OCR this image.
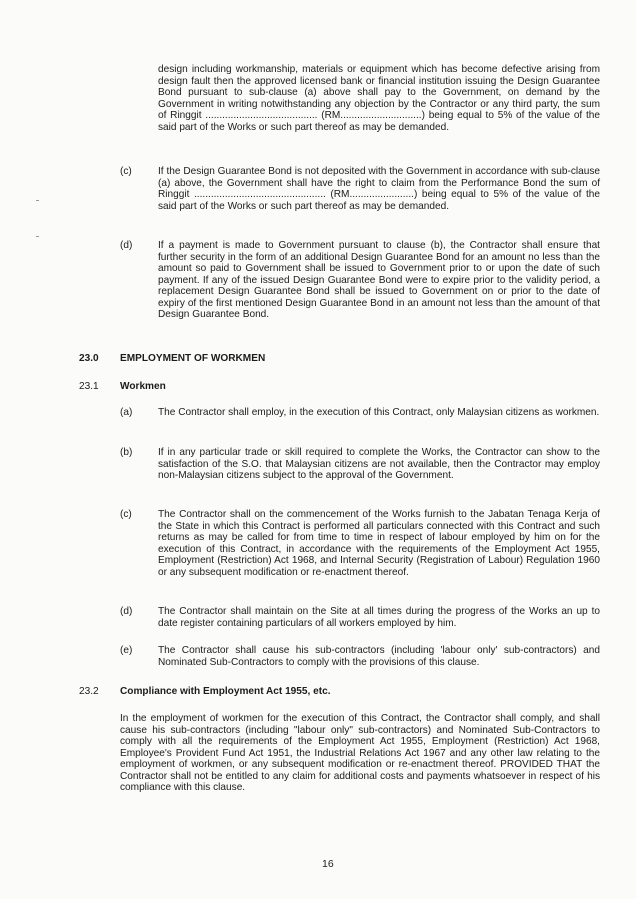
design including workmanship, materials or equipment which has become defective arising from design fault then the approved licensed bank or financial institution issuing the Design Guarantee Bond pursuant to sub-clause (a) above shall pay to the Government, on demand by the Government in writing notwithstanding any objection by the Contractor or any third party, the sum of Ringgit ........................................ (RM.............................) being equal to 5% of the value of the said part of the Works or such part thereof as may be demanded.

(c)	If the Design Guarantee Bond is not deposited with the Government in accordance with sub-clause (a) above, the Government shall have the right to claim from the Performance Bond the sum of Ringgit ............................................... (RM.......................) being equal to 5% of the value of the said part of the Works or such part thereof as may be demanded.

(d)	If a payment is made to Government pursuant to clause (b), the Contractor shall ensure that further security in the form of an additional Design Guarantee Bond for an amount no less than the amount so paid to Government shall be issued to Government prior to or upon the date of such payment. If any of the issued Design Guarantee Bond were to expire prior to the validity period, a replacement Design Guarantee Bond shall be issued to Government on or prior to the date of expiry of the first mentioned Design Guarantee Bond in an amount not less than the amount of that Design Guarantee Bond.

23.0 EMPLOYMENT OF WORKMEN
23.1 Workmen
(a)	The Contractor shall employ, in the execution of this Contract, only Malaysian citizens as workmen.

(b)	If in any particular trade or skill required to complete the Works, the Contractor can show to the satisfaction of the S.O. that Malaysian citizens are not available, then the Contractor may employ non-Malaysian citizens subject to the approval of the Government.

(c)	The Contractor shall on the commencement of the Works furnish to the Jabatan Tenaga Kerja of the State in which this Contract is performed all particulars connected with this Contract and such returns as may be called for from time to time in respect of labour employed by him on for the execution of this Contract, in accordance with the requirements of the Employment Act 1955, Employment (Restriction) Act 1968, and Internal Security (Registration of Labour) Regulation 1960 or any subsequent modification or re-enactment thereof.

(d)	The Contractor shall maintain on the Site at all times during the progress of the Works an up to date register containing particulars of all workers employed by him.

(e)	The Contractor shall cause his sub-contractors (including 'labour only' sub-contractors) and Nominated Sub-Contractors to comply with the provisions of this clause.

23.2 Compliance with Employment Act 1955, etc.

In the employment of workmen for the execution of this Contract, the Contractor shall comply, and shall cause his sub-contractors (including "labour only" sub-contractors) and Nominated Sub-Contractors to comply with all the requirements of the Employment Act 1955, Employment (Restriction) Act 1968, Employee's Provident Fund Act 1951, the Industrial Relations Act 1967 and any other law relating to the employment of workmen, or any subsequent modification or re-enactment thereof. PROVIDED THAT the Contractor shall not be entitled to any claim for additional costs and payments whatsoever in respect of his compliance with this clause.

16
